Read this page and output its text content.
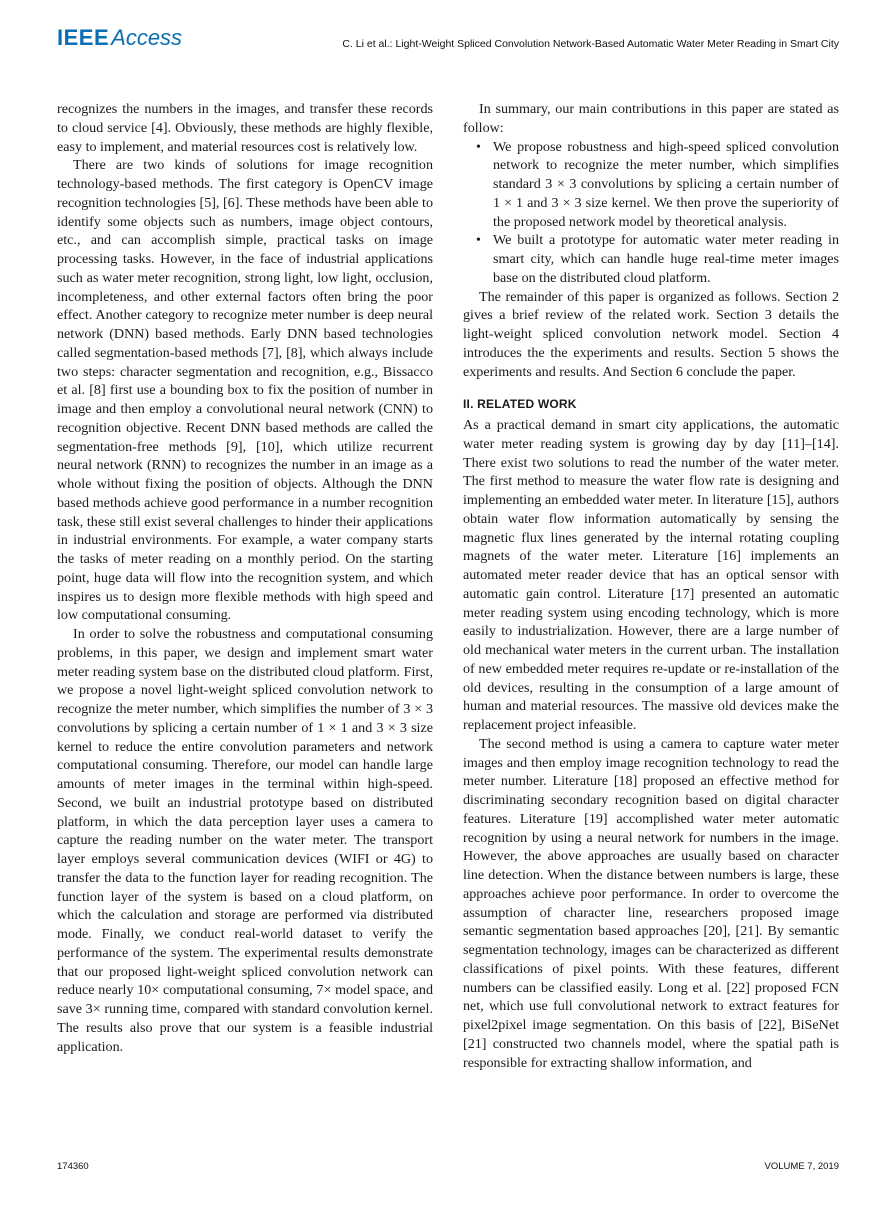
IEEEAccess	C. Li et al.: Light-Weight Spliced Convolution Network-Based Automatic Water Meter Reading in Smart City

recognizes the numbers in the images, and transfer these records to cloud service [4]. Obviously, these methods are highly flexible, easy to implement, and material resources cost is relatively low.

There are two kinds of solutions for image recognition technology-based methods. The first category is OpenCV image recognition technologies [5], [6]. These methods have been able to identify some objects such as numbers, image object contours, etc., and can accomplish simple, practical tasks on image processing tasks. However, in the face of industrial applications such as water meter recognition, strong light, low light, occlusion, incompleteness, and other external factors often bring the poor effect. Another category to recognize meter number is deep neural network (DNN) based methods. Early DNN based technologies called segmentation-based methods [7], [8], which always include two steps: character segmentation and recognition, e.g., Bissacco et al. [8] first use a bounding box to fix the position of number in image and then employ a convolutional neural network (CNN) to recognition objective. Recent DNN based methods are called the segmentation-free methods [9], [10], which utilize recurrent neural network (RNN) to recognizes the number in an image as a whole without fixing the position of objects. Although the DNN based methods achieve good performance in a number recognition task, these still exist several challenges to hinder their applications in industrial environments. For example, a water company starts the tasks of meter reading on a monthly period. On the starting point, huge data will flow into the recognition system, and which inspires us to design more flexible methods with high speed and low computational consuming.

In order to solve the robustness and computational consuming problems, in this paper, we design and implement smart water meter reading system base on the distributed cloud platform. First, we propose a novel light-weight spliced convolution network to recognize the meter number, which simplifies the number of 3 × 3 convolutions by splicing a certain number of 1 × 1 and 3 × 3 size kernel to reduce the entire convolution parameters and network computational consuming. Therefore, our model can handle large amounts of meter images in the terminal within high-speed. Second, we built an industrial prototype based on distributed platform, in which the data perception layer uses a camera to capture the reading number on the water meter. The transport layer employs several communication devices (WIFI or 4G) to transfer the data to the function layer for reading recognition. The function layer of the system is based on a cloud platform, on which the calculation and storage are performed via distributed mode. Finally, we conduct real-world dataset to verify the performance of the system. The experimental results demonstrate that our proposed light-weight spliced convolution network can reduce nearly 10× computational consuming, 7× model space, and save 3× running time, compared with standard convolution kernel. The results also prove that our system is a feasible industrial application.

In summary, our main contributions in this paper are stated as follow:

• We propose robustness and high-speed spliced convolution network to recognize the meter number, which simplifies standard 3 × 3 convolutions by splicing a certain number of 1 × 1 and 3 × 3 size kernel. We then prove the superiority of the proposed network model by theoretical analysis.
• We built a prototype for automatic water meter reading in smart city, which can handle huge real-time meter images base on the distributed cloud platform.

The remainder of this paper is organized as follows. Section 2 gives a brief review of the related work. Section 3 details the light-weight spliced convolution network model. Section 4 introduces the the experiments and results. Section 5 shows the experiments and results. And Section 6 conclude the paper.

II. RELATED WORK

As a practical demand in smart city applications, the automatic water meter reading system is growing day by day [11]–[14]. There exist two solutions to read the number of the water meter. The first method to measure the water flow rate is designing and implementing an embedded water meter. In literature [15], authors obtain water flow information automatically by sensing the magnetic flux lines generated by the internal rotating coupling magnets of the water meter. Literature [16] implements an automated meter reader device that has an optical sensor with automatic gain control. Literature [17] presented an automatic meter reading system using encoding technology, which is more easily to industrialization. However, there are a large number of old mechanical water meters in the current urban. The installation of new embedded meter requires re-update or re-installation of the old devices, resulting in the consumption of a large amount of human and material resources. The massive old devices make the replacement project infeasible.

The second method is using a camera to capture water meter images and then employ image recognition technology to read the meter number. Literature [18] proposed an effective method for discriminating secondary recognition based on digital character features. Literature [19] accomplished water meter automatic recognition by using a neural network for numbers in the image. However, the above approaches are usually based on character line detection. When the distance between numbers is large, these approaches achieve poor performance. In order to overcome the assumption of character line, researchers proposed image semantic segmentation based approaches [20], [21]. By semantic segmentation technology, images can be characterized as different classifications of pixel points. With these features, different numbers can be classified easily. Long et al. [22] proposed FCN net, which use full convolutional network to extract features for pixel2pixel image segmentation. On this basis of [22], BiSeNet [21] constructed two channels model, where the spatial path is responsible for extracting shallow information, and

174360	VOLUME 7, 2019
